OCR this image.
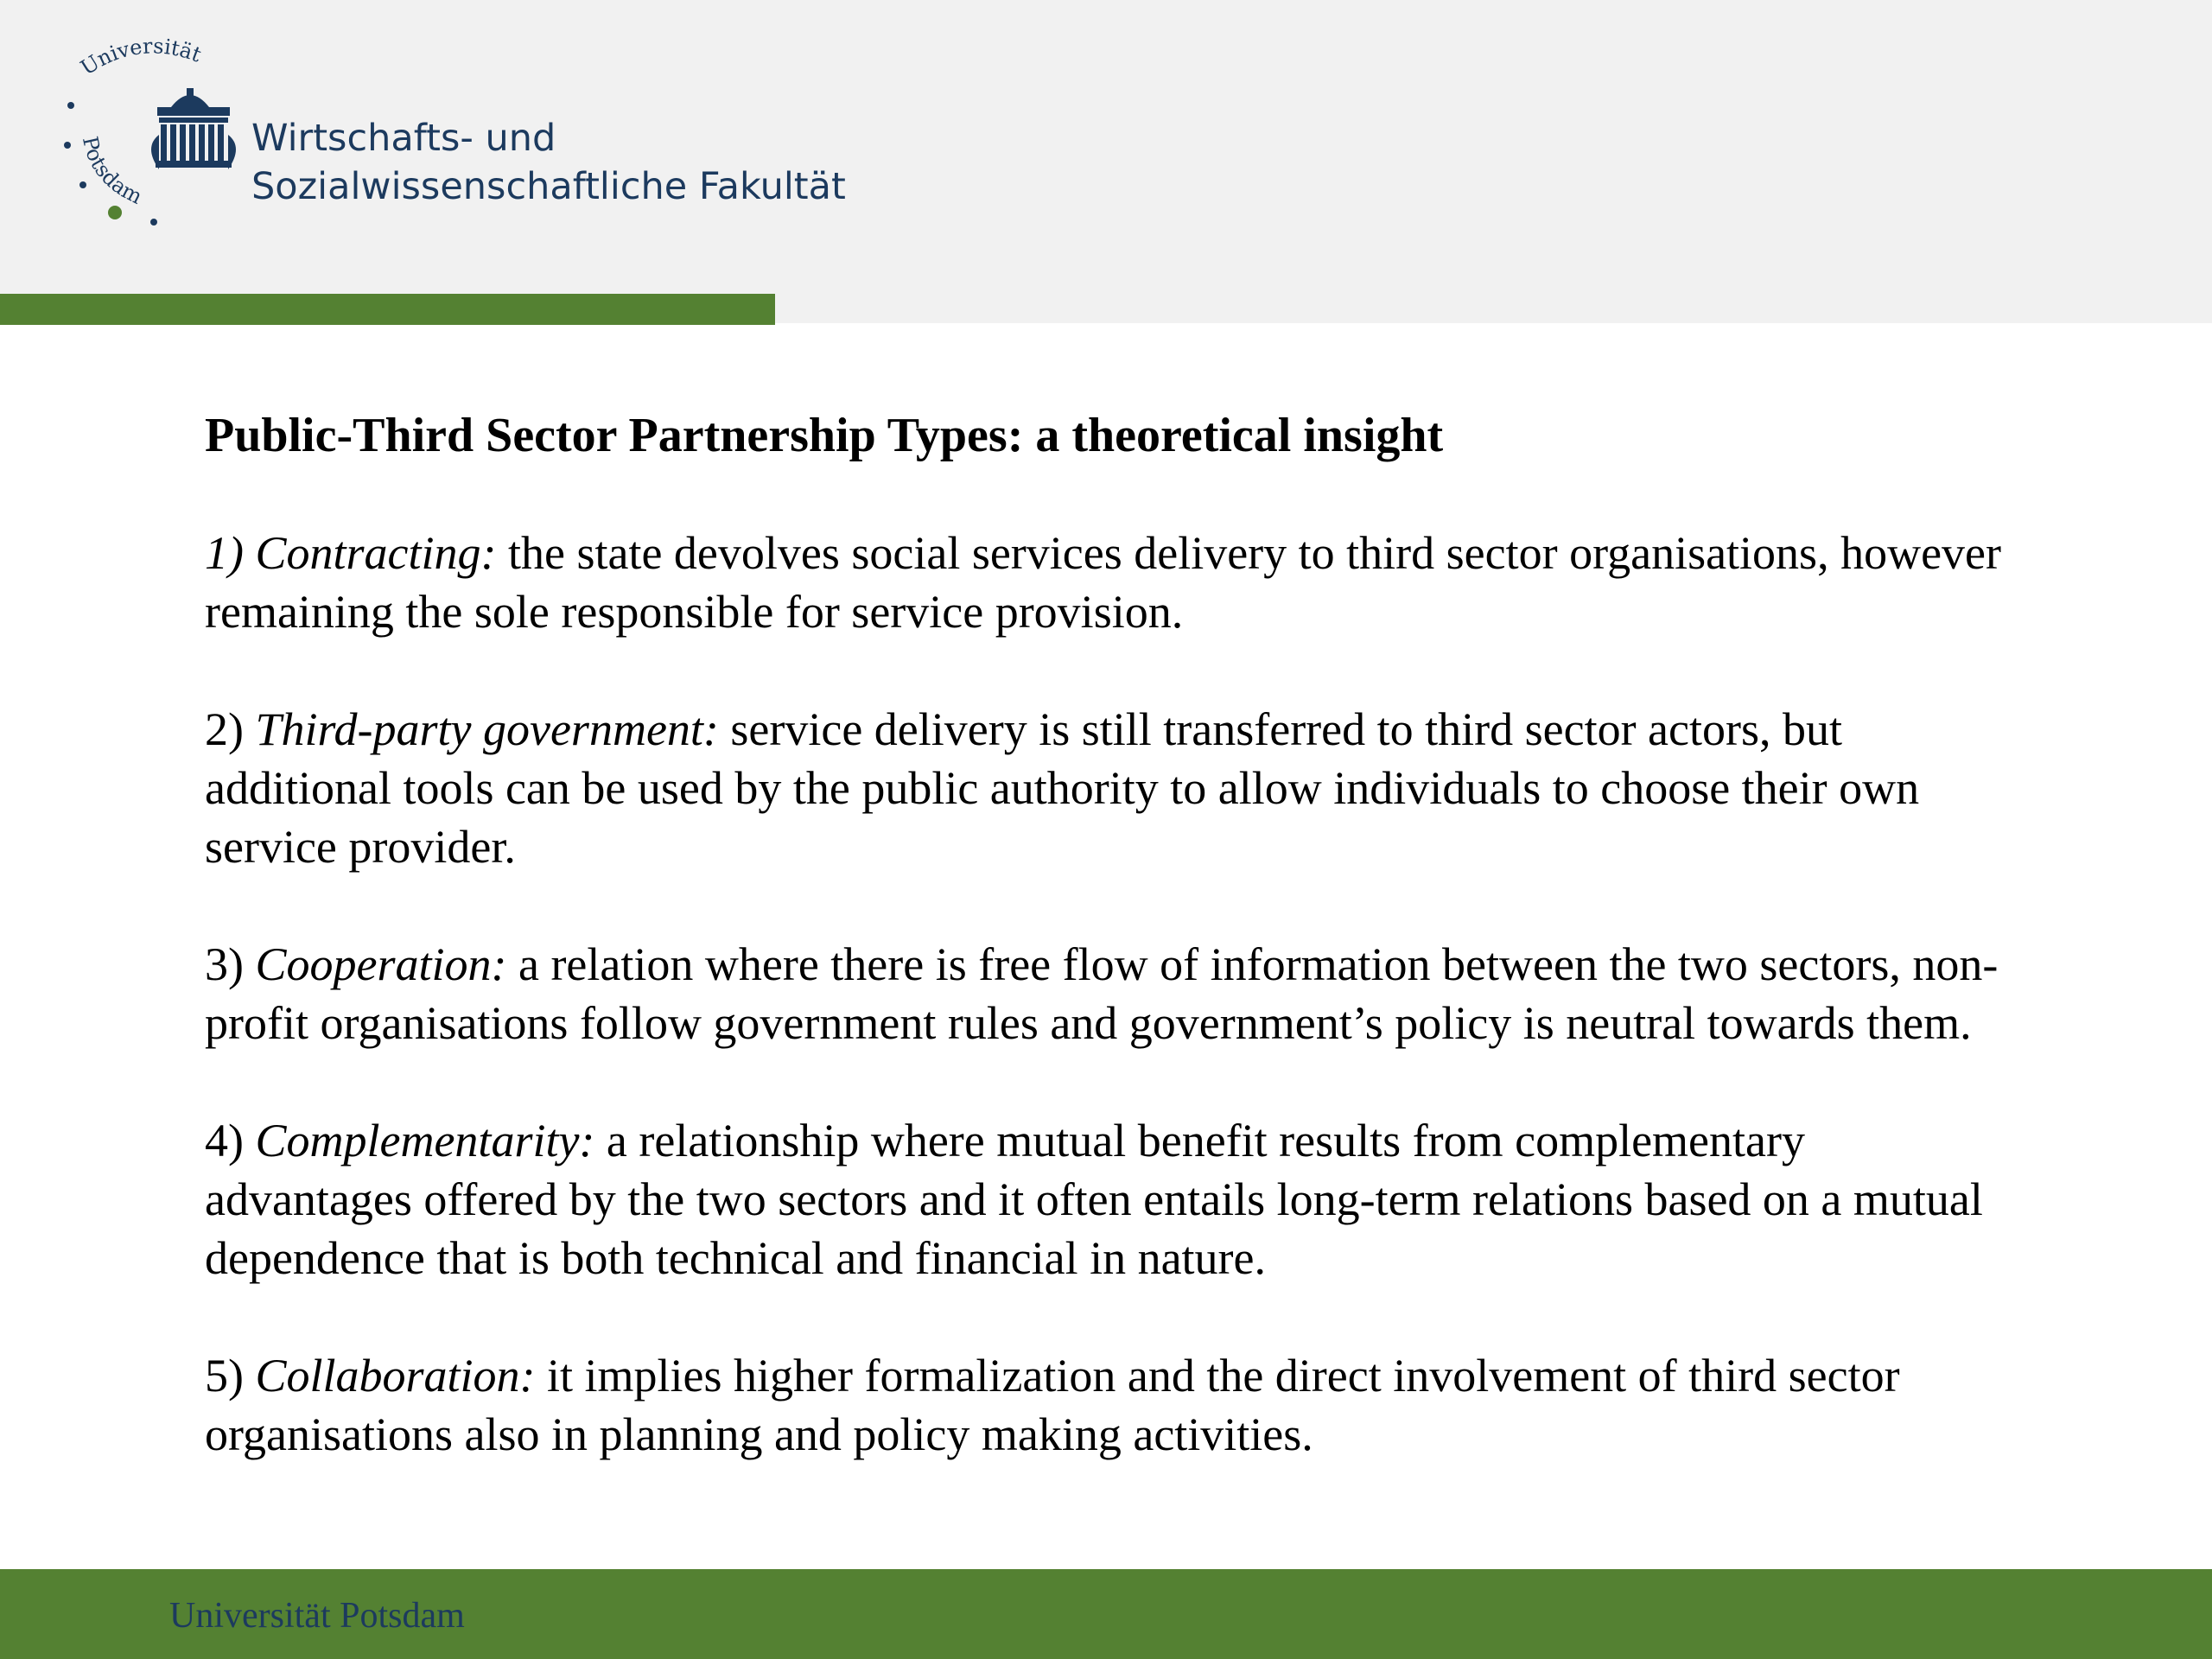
Universität
Potsdam
Wirtschafts- und
Sozialwissenschaftliche Fakultät
Public-Third Sector Partnership Types: a theoretical insight
1) Contracting: the state devolves social services delivery to third sector organisations, however remaining the sole responsible for service provision.
2) Third-party government: service delivery is still transferred to third sector actors, but additional tools can be used by the public authority to allow individuals to choose their own service provider.
3) Cooperation: a relation where there is free flow of information between the two sectors, non-profit organisations follow government rules and government’s policy is neutral towards them.
4) Complementarity: a relationship where mutual benefit results from complementary advantages offered by the two sectors and it often entails long-term relations based on a mutual dependence that is both technical and financial in nature.
5) Collaboration: it implies higher formalization and the direct involvement of third sector organisations also in planning and policy making activities.
Universität Potsdam
